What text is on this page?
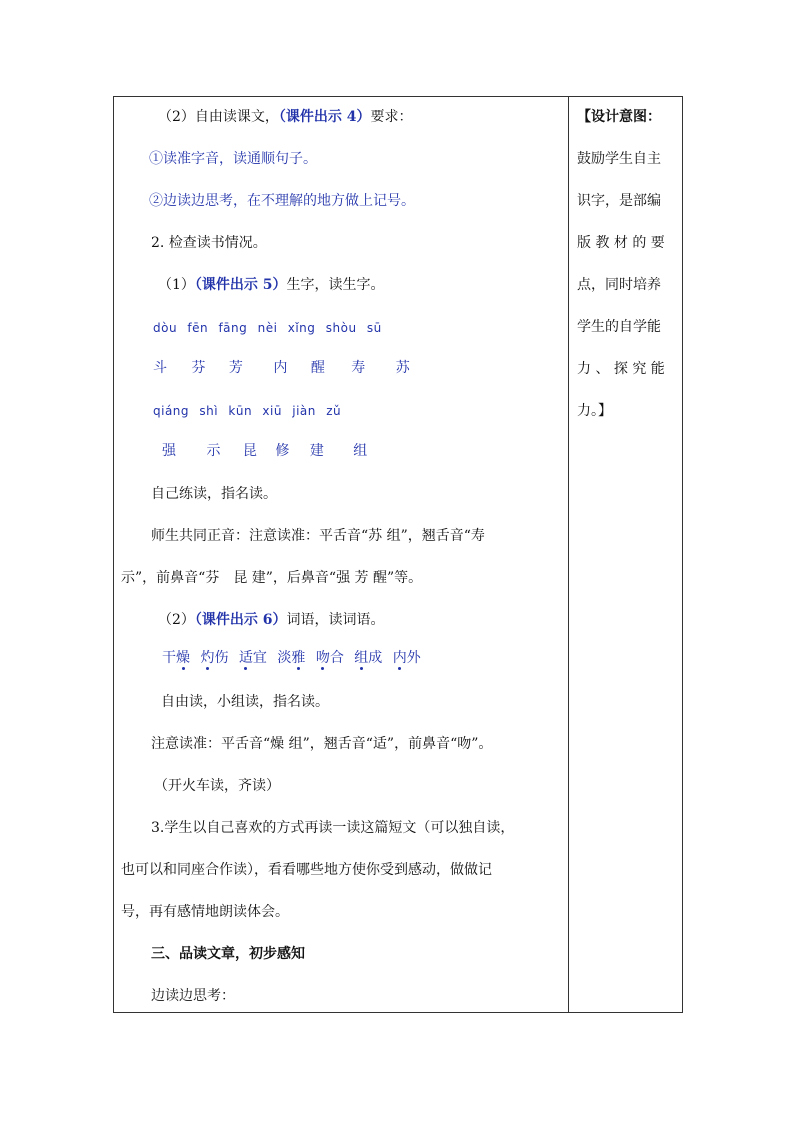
（2）自由读课文，（课件出示 4）要求：
①读准字音，读通顺句子。
②边读边思考，在不理解的地方做上记号。
2. 检查读书情况。
（1）（课件出示 5）生字，读生字。
dòu fēn fāng nèi xǐng shòu sū
斗 芬 芳 内 醒 寿 苏
qiáng shì kūn xiū jiàn zǔ
强 示 昆 修 建 组
自己练读，指名读。
师生共同正音：注意读准：平舌音“苏 组”，翘舌音“寿
示”，前鼻音“芬　昆 建”，后鼻音“强 芳 醒”等。
（2）（课件出示 6）词语，读词语。
干燥 灼伤 适宜 淡雅 吻合 组成 内外
自由读，小组读，指名读。
注意读准：平舌音“燥 组”，翘舌音“适”，前鼻音“吻”。
（开火车读，齐读）
3.学生以自己喜欢的方式再读一读这篇短文（可以独自读，
也可以和同座合作读），看看哪些地方使你受到感动，做做记
号，再有感情地朗读体会。
三、品读文章，初步感知
边读边思考：
【设计意图：
鼓励学生自主
识字，是部编
版 教 材 的 要
点，同时培养
学生的自学能
力 、 探 究 能
力。】
